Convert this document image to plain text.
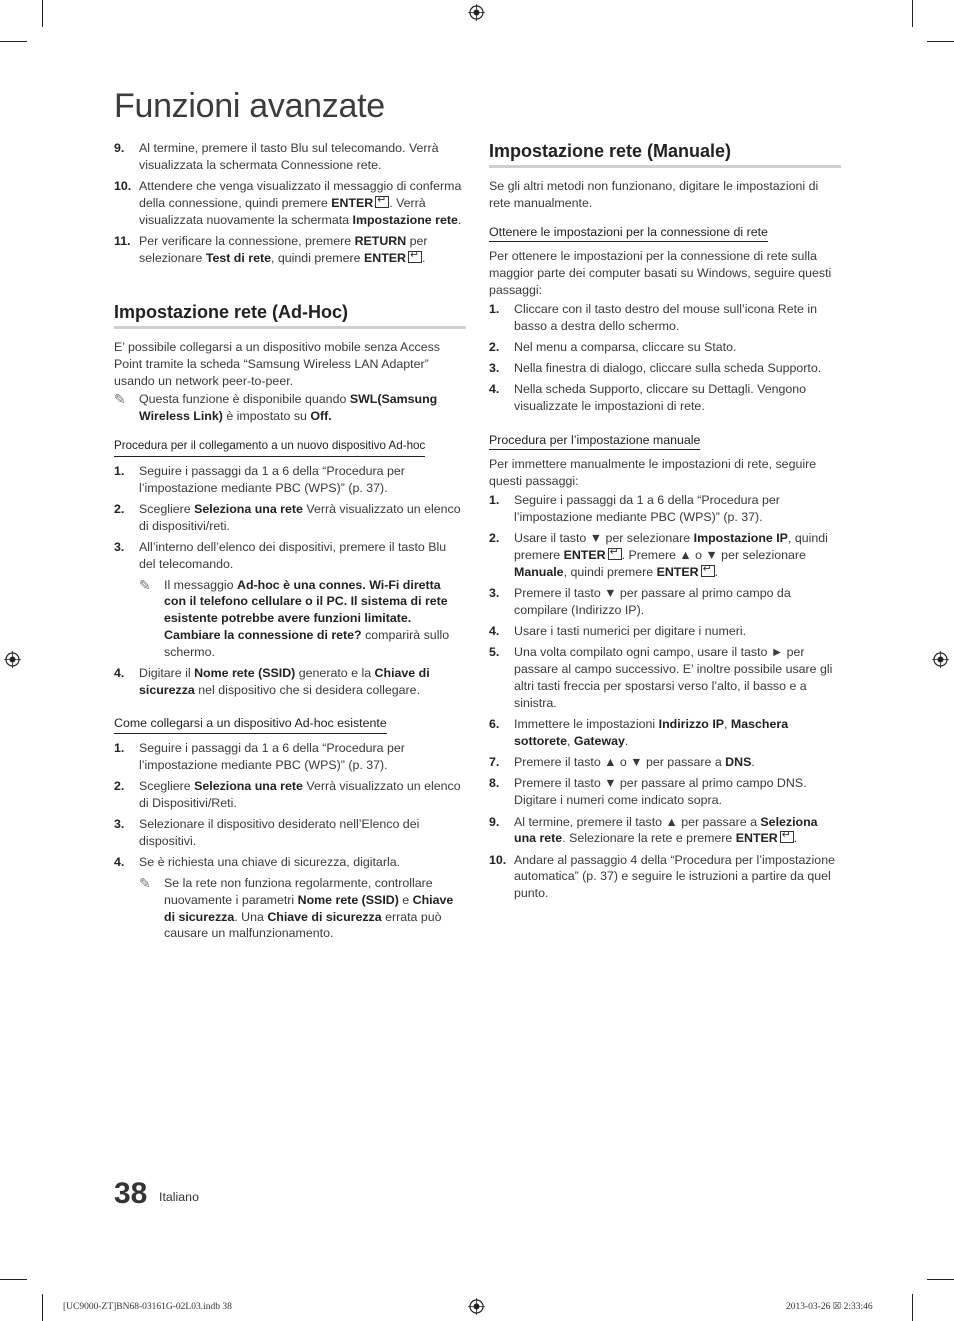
Funzioni avanzate
9. Al termine, premere il tasto Blu sul telecomando. Verrà visualizzata la schermata Connessione rete.
10. Attendere che venga visualizzato il messaggio di conferma della connessione, quindi premere ENTER ↵ . Verrà visualizzata nuovamente la schermata Impostazione rete.
11. Per verificare la connessione, premere RETURN per selezionare Test di rete, quindi premere ENTER ↵ .
Impostazione rete (Ad-Hoc)

E’ possibile collegarsi a un dispositivo mobile senza Access Point tramite la scheda “Samsung Wireless LAN Adapter” usando un network peer-to-peer.

✎ Questa funzione è disponibile quando SWL(Samsung Wireless Link) è impostato su Off.
Procedura per il collegamento a un nuovo dispositivo Ad-hoc
1. Seguire i passaggi da 1 a 6 della “Procedura per l’impostazione mediante PBC (WPS)” (p. 37).
2. Scegliere Seleziona una rete Verrà visualizzato un elenco di dispositivi/reti.
3. All’interno dell’elenco dei dispositivi, premere il tasto Blu del telecomando.
✎ Il messaggio Ad-hoc è una connes. Wi-Fi diretta con il telefono cellulare o il PC. Il sistema di rete esistente potrebbe avere funzioni limitate. Cambiare la connessione di rete? comparirà sullo schermo.
4. Digitare il Nome rete (SSID) generato e la Chiave di sicurezza nel dispositivo che si desidera collegare.
Come collegarsi a un dispositivo Ad-hoc esistente
1. Seguire i passaggi da 1 a 6 della “Procedura per l’impostazione mediante PBC (WPS)” (p. 37).
2. Scegliere Seleziona una rete Verrà visualizzato un elenco di Dispositivi/Reti.
3. Selezionare il dispositivo desiderato nell’Elenco dei dispositivi.
4. Se è richiesta una chiave di sicurezza, digitarla.
✎ Se la rete non funziona regolarmente, controllare nuovamente i parametri Nome rete (SSID) e Chiave di sicurezza. Una Chiave di sicurezza errata può causare un malfunzionamento.
Impostazione rete (Manuale)

Se gli altri metodi non funzionano, digitare le impostazioni di rete manualmente.

Ottenere le impostazioni per la connessione di rete

Per ottenere le impostazioni per la connessione di rete sulla maggior parte dei computer basati su Windows, seguire questi passaggi:

1. Cliccare con il tasto destro del mouse sull’icona Rete in basso a destra dello schermo.
2. Nel menu a comparsa, cliccare su Stato.
3. Nella finestra di dialogo, cliccare sulla scheda Supporto.
4. Nella scheda Supporto, cliccare su Dettagli. Vengono visualizzate le impostazioni di rete.
Procedura per l’impostazione manuale

Per immettere manualmente le impostazioni di rete, seguire questi passaggi:

1. Seguire i passaggi da 1 a 6 della “Procedura per l’impostazione mediante PBC (WPS)” (p. 37).
2. Usare il tasto ▼ per selezionare Impostazione IP, quindi premere ENTER ↵ . Premere ▲ o ▼ per selezionare Manuale, quindi premere ENTER ↵ .
3. Premere il tasto ▼ per passare al primo campo da compilare (Indirizzo IP).
4. Usare i tasti numerici per digitare i numeri.
5. Una volta compilato ogni campo, usare il tasto ► per passare al campo successivo. E’ inoltre possibile usare gli altri tasti freccia per spostarsi verso l’alto, il basso e a sinistra.
6. Immettere le impostazioni Indirizzo IP, Maschera sottorete, Gateway.
7. Premere il tasto ▲ o ▼ per passare a DNS.
8. Premere il tasto ▼ per passare al primo campo DNS. Digitare i numeri come indicato sopra.
9. Al termine, premere il tasto ▲ per passare a Seleziona una rete. Selezionare la rete e premere ENTER ↵ .
10. Andare al passaggio 4 della “Procedura per l’impostazione automatica” (p. 37) e seguire le istruzioni a partire da quel punto.
38 Italiano
[UC9000-ZT]BN68-03161G-02L03.indb 38	2013-03-26 ☒ 2:33:46
